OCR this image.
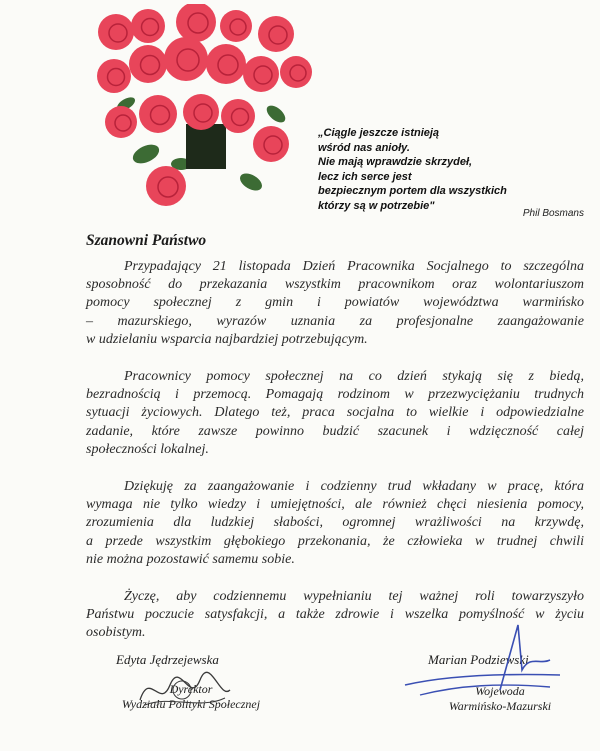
„Ciągle jeszcze istnieją
wśród nas anioły.
Nie mają wprawdzie skrzydeł,
lecz ich serce jest
bezpiecznym portem dla wszystkich
którzy są w potrzebie"
Phil Bosmans
Szanowni Państwo

Przypadający 21 listopada Dzień Pracownika Socjalnego to szczególna
sposobność do przekazania wszystkim pracownikom oraz wolontariuszom
pomocy społecznej z gmin i powiatów województwa warmińsko
– mazurskiego, wyrazów uznania za profesjonalne zaangażowanie
w udzielaniu wsparcia najbardziej potrzebującym.

Pracownicy pomocy społecznej na co dzień stykają się z biedą,
bezradnością i przemocą. Pomagają rodzinom w przezwyciężaniu trudnych
sytuacji życiowych. Dlatego też, praca socjalna to wielkie i odpowiedzialne
zadanie, które zawsze powinno budzić szacunek i wdzięczność całej
społeczności lokalnej.

Dziękuję za zaangażowanie i codzienny trud wkładany w pracę, która
wymaga nie tylko wiedzy i umiejętności, ale również chęci niesienia pomocy,
zrozumienia dla ludzkiej słabości, ogromnej wrażliwości na krzywdę,
a przede wszystkim głębokiego przekonania, że człowieka w trudnej chwili
nie można pozostawić samemu sobie.

Życzę, aby codziennemu wypełnianiu tej ważnej roli towarzyszyło
Państwu poczucie satysfakcji, a także zdrowie i wszelka pomyślność w życiu
osobistym.

Edyta Jędrzejewska
Dyrektor
Wydziału Polityki Społecznej
Marian Podziewski
Wojewoda
Warmińsko-Mazurski
